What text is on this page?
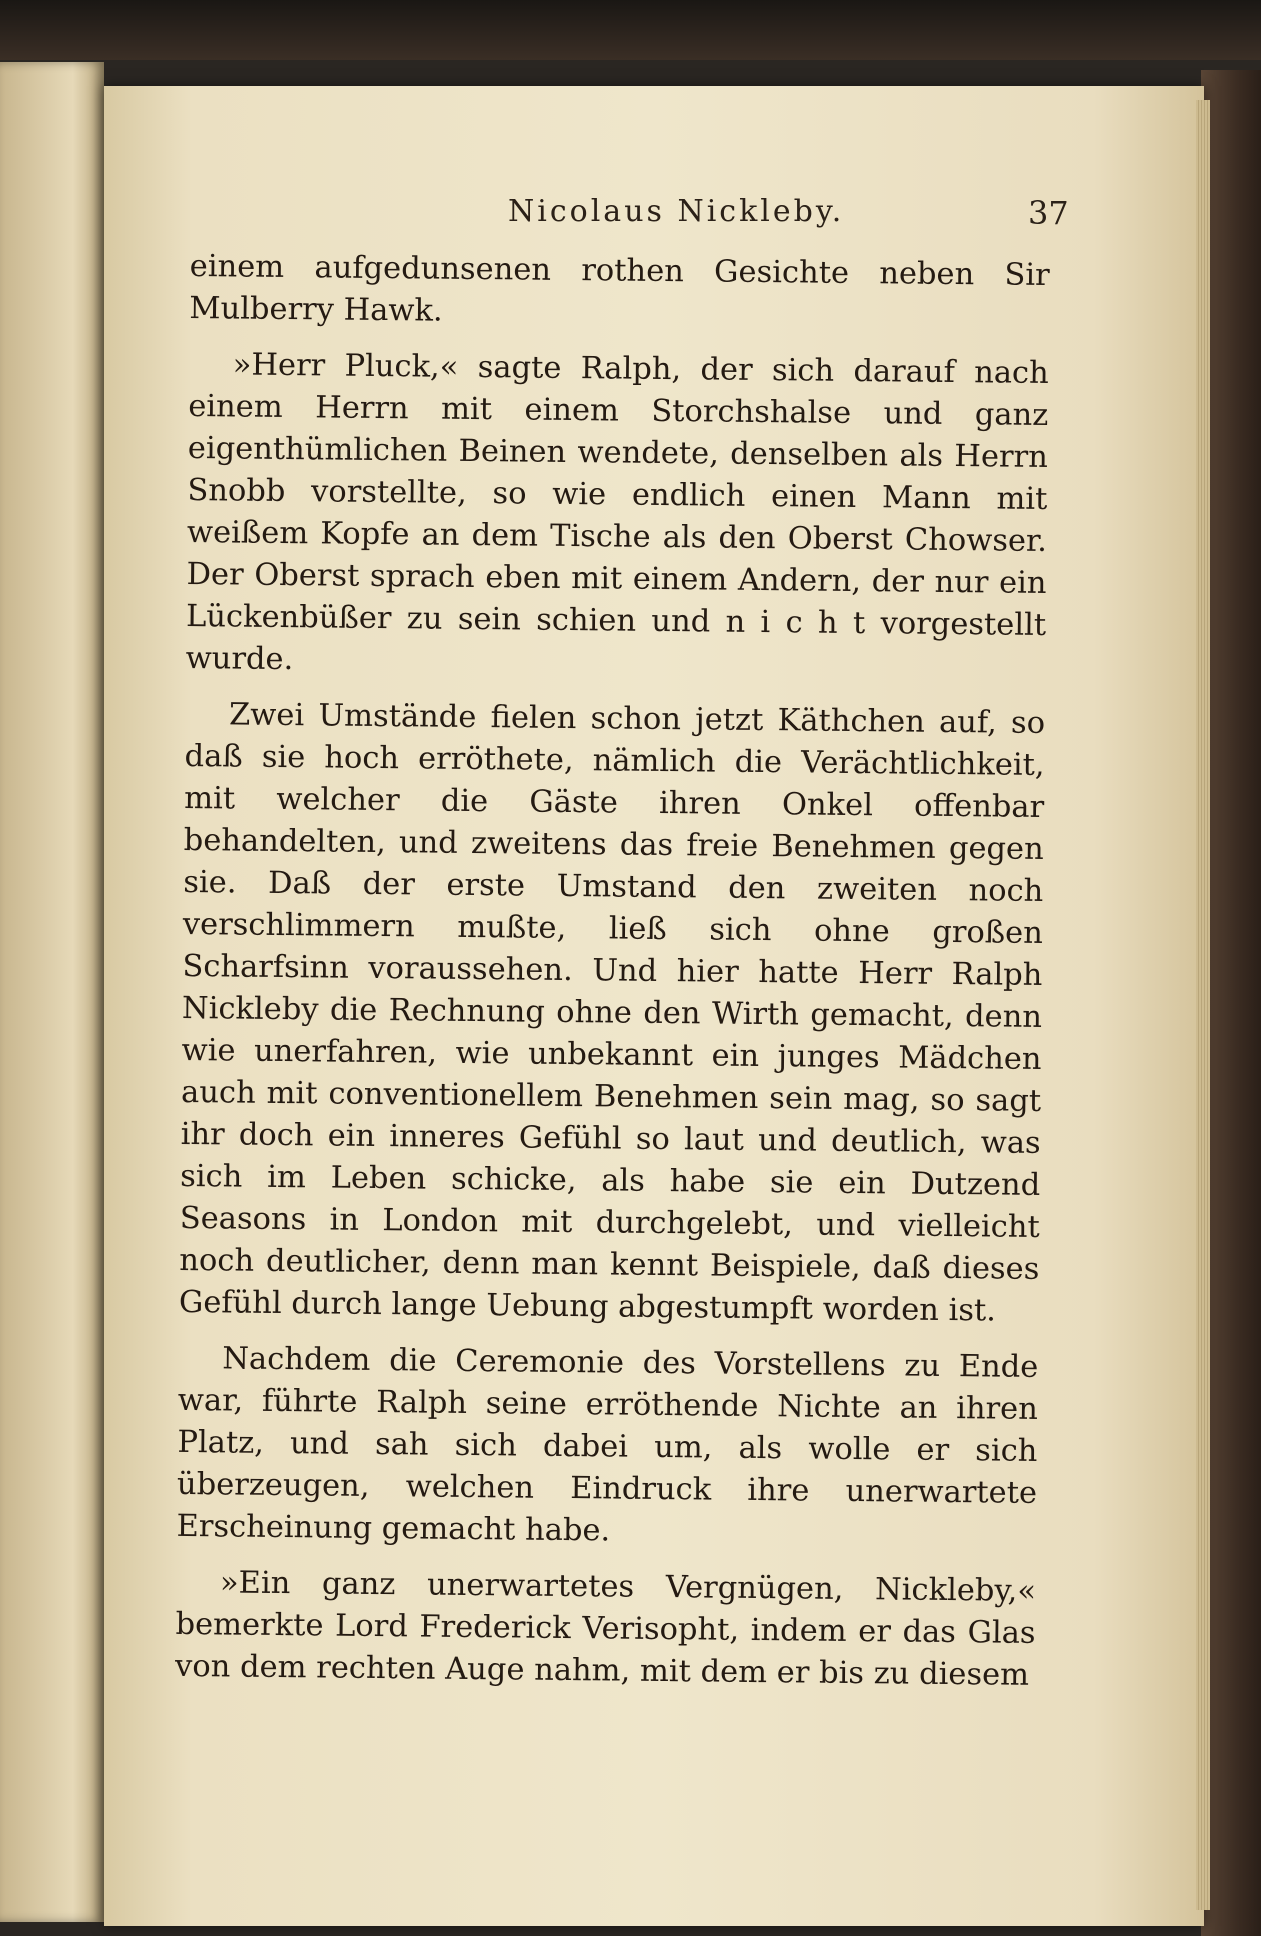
Nicolaus Nickleby.	37

einem aufgedunsenen rothen Gesichte neben Sir Mulberry Hawk.

»Herr Pluck,« sagte Ralph, der sich darauf nach einem Herrn mit einem Storchshalse und ganz eigenthümlichen Beinen wendete, denselben als Herrn Snobb vorstellte, so wie endlich einen Mann mit weißem Kopfe an dem Tische als den Oberst Chowser. Der Oberst sprach eben mit einem Andern, der nur ein Lückenbüßer zu sein schien und n i c h t vorgestellt wurde.

Zwei Umstände fielen schon jetzt Käthchen auf, so daß sie hoch erröthete, nämlich die Verächtlichkeit, mit welcher die Gäste ihren Onkel offenbar behandelten, und zweitens das freie Benehmen gegen sie. Daß der erste Umstand den zweiten noch verschlimmern mußte, ließ sich ohne großen Scharfsinn voraussehen. Und hier hatte Herr Ralph Nickleby die Rechnung ohne den Wirth gemacht, denn wie unerfahren, wie unbekannt ein junges Mädchen auch mit conventionellem Benehmen sein mag, so sagt ihr doch ein inneres Gefühl so laut und deutlich, was sich im Leben schicke, als habe sie ein Dutzend Seasons in London mit durchgelebt, und vielleicht noch deutlicher, denn man kennt Beispiele, daß dieses Gefühl durch lange Uebung abgestumpft worden ist.

Nachdem die Ceremonie des Vorstellens zu Ende war, führte Ralph seine erröthende Nichte an ihren Platz, und sah sich dabei um, als wolle er sich überzeugen, welchen Eindruck ihre unerwartete Erscheinung gemacht habe.

»Ein ganz unerwartetes Vergnügen, Nickleby,« bemerkte Lord Frederick Verisopht, indem er das Glas von dem rechten Auge nahm, mit dem er bis zu diesem
